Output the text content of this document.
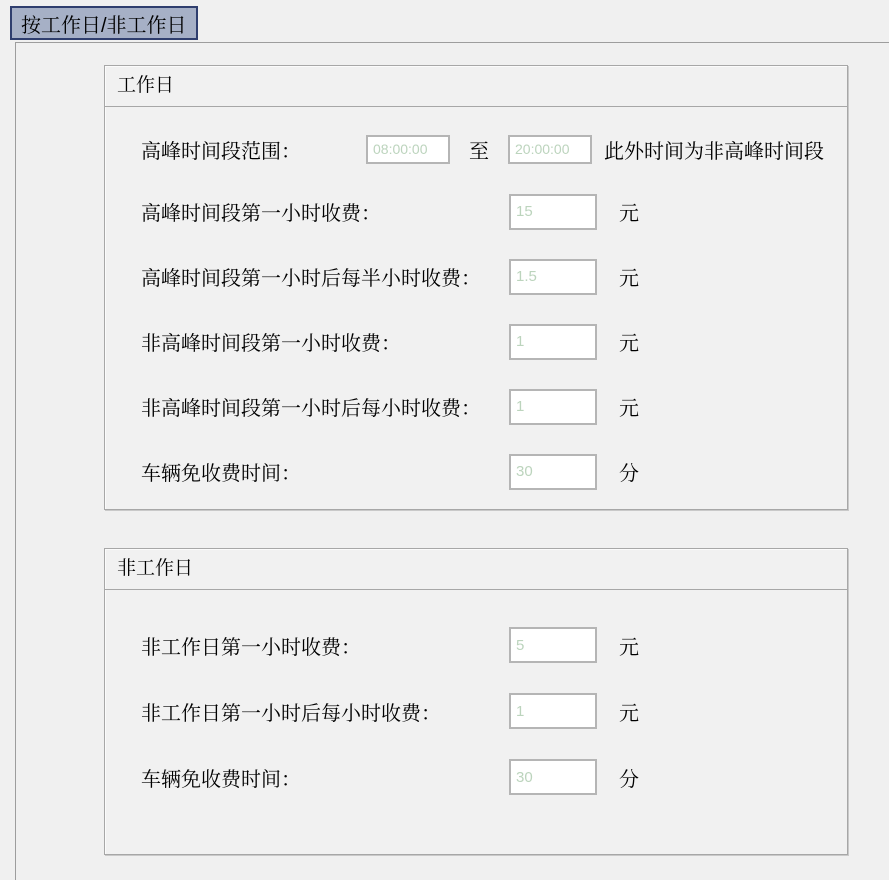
按工作日/非工作日
工作日
高峰时间段范围：
08:00:00	至
20:00:00	此外时间为非高峰时间段
高峰时间段第一小时收费：
15	元
高峰时间段第一小时后每半小时收费：
1.5	元
非高峰时间段第一小时收费：
1	元
非高峰时间段第一小时后每小时收费：
1	元
车辆免收费时间：
30	分
非工作日
非工作日第一小时收费：
5	元
非工作日第一小时后每小时收费：
1	元
车辆免收费时间：
30	分
